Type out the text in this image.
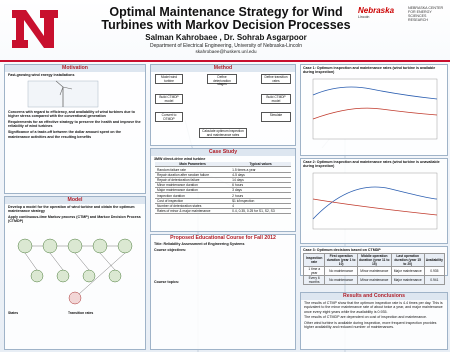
Optimal Maintenance Strategy for Wind Turbines with Markov Decision Processes
Salman Kahrobaee , Dr. Sohrab Asgarpoor
Department of Electrical Engineering, University of Nebraska-Lincoln
skahrobaee@huskers.unl.edu
Nebraska
Lincoln
NEBRASKA CENTER FOR ENERGY SCIENCES RESEARCH
Motivation

Fast-growing wind energy installations

Concerns with regard to efficiency, and availability of wind turbines due to higher stress compared with the conventional generation

Requirements for an effective strategy to preserve the health and improve the reliability of wind turbines

Significance of a trade-off between the dollar amount spent on the maintenance activities and the resulting benefits

Model

Develop a model for the operation of wind turbine and obtain the optimum maintenance strategy

Apply continuous-time Markov process (CTMP) and Markov Decision Process (CTMDP)

States	Transition rates
Method
Model wind turbine
Define deterioration stages
Define transition rates
Build CTMDP model
Build CTMDP model
Convert to DTMDP
Calculate optimum inspection and maintenance rates
Simulate
Case Study
3MW direct-drive wind turbine
Main Parameters	Typical values
Random failure rate	1.5 times a year
Repair duration after random failure	4-5 days
Repair of deterioration failure	14 days
Minor maintenance duration	6 hours
Major maintenance duration	3 days
Inspection duration	2 hours
Cost of inspection	$1 k/Inspection
Number of deterioration states	4
Rates of minor & major maintenance	0.4, 0.35, 0.25 for S1, S2, S3
Proposed Educational Course for Fall 2012

Title: Reliability Assessment of Engineering Systems

Course objectives:

Course topics:

Case 1: Optimum inspection and maintenance rates (wind turbine is available during inspection)
Case 2: Optimum inspection and maintenance rates (wind turbine is unavailable during inspection)
Case 3: Optimum decisions based on CTMDP
Inspection rate	First operation duration (year 1 to 10)	Middle operation duration (year 11 to 15)	Last operation duration (year 15 to 20)	Availability
1 time a year	No maintenance	Minor maintenance	Major maintenance	0.935
Every 6 months	No maintenance	Minor maintenance	Major maintenance	0.941
Results and Conclusions

The results of CTMP show that the optimum inspection rate is 4.4 times per day. This is equivalent to the minor maintenance rate of about twice a year, and major maintenance once every eight years while the availability is 0.935.

The results of CTMDP are dependent on cost of inspection and maintenance.

Other wind turbine is available during inspection, more frequent inspection provides higher availability and reduced number of maintenances.
